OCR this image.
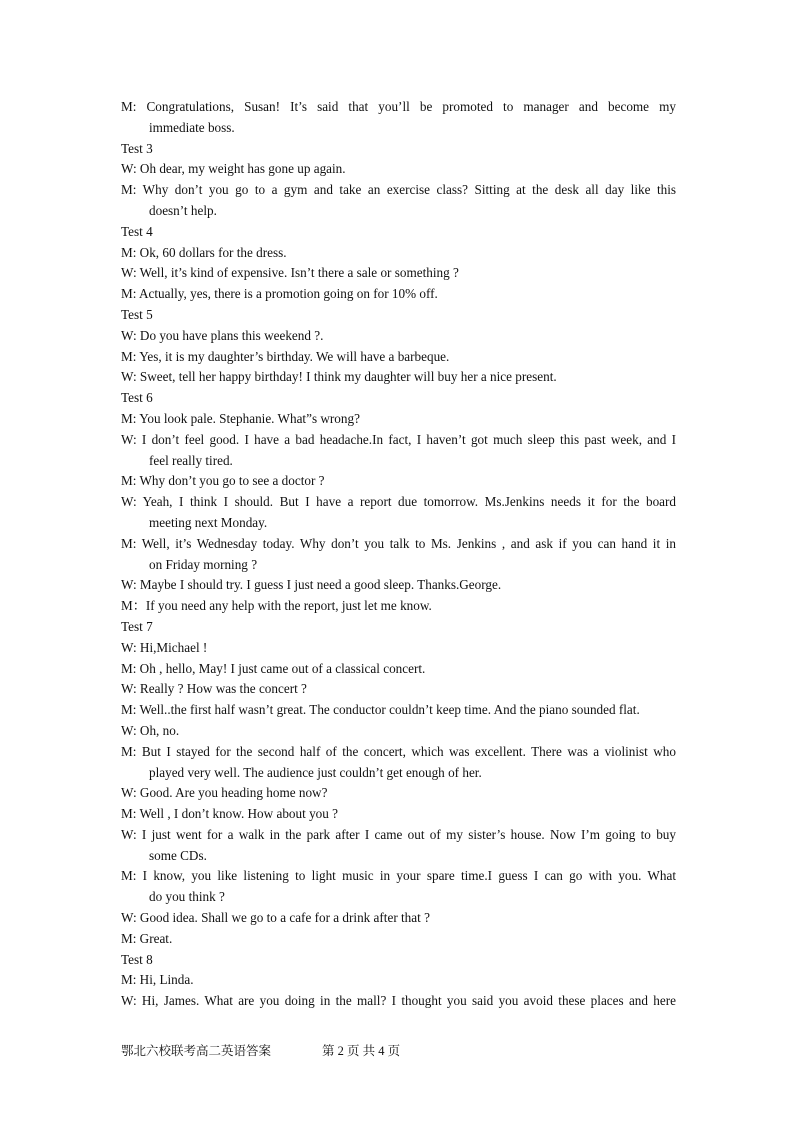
M: Congratulations, Susan! It’s said that you’ll be promoted to manager and become my
immediate boss.
Test 3
W: Oh dear, my weight has gone up again.
M: Why don’t you go to a gym and take an exercise class? Sitting at the desk all day like this
doesn’t help.
Test 4
M: Ok, 60 dollars for the dress.
W: Well, it’s kind of expensive. Isn’t there a sale or something ?
M: Actually, yes, there is a promotion going on for 10% off.
Test 5
W: Do you have plans this weekend ?.
M: Yes, it is my daughter’s birthday. We will have a barbeque.
W: Sweet, tell her happy birthday! I think my daughter will buy her a nice present.
Test 6
M: You look pale. Stephanie. What”s wrong?
W: I don’t feel good. I have a bad headache.In fact, I haven’t got much sleep this past week, and I
feel really tired.
M: Why don’t you go to see a doctor ?
W: Yeah, I think I should. But I have a report due tomorrow. Ms.Jenkins needs it for the board
meeting next Monday.
M: Well, it’s Wednesday today. Why don’t you talk to Ms. Jenkins , and ask if you can hand it in
on Friday morning ?
W: Maybe I should try. I guess I just need a good sleep. Thanks.George.
M：If you need any help with the report, just let me know.
Test 7
W: Hi,Michael !
M: Oh , hello, May! I just came out of a classical concert.
W: Really ? How was the concert ?
M: Well..the first half wasn’t great. The conductor couldn’t keep time. And the piano sounded flat.
W: Oh, no.
M: But I stayed for the second half of the concert, which was excellent. There was a violinist who
played very well. The audience just couldn’t get enough of her.
W: Good. Are you heading home now?
M: Well , I don’t know. How about you ?
W: I just went for a walk in the park after I came out of my sister’s house. Now I’m going to buy
some CDs.
M: I know, you like listening to light music in your spare time.I guess I can go with you. What
do you think ?
W: Good idea. Shall we go to a cafe for a drink after that ?
M: Great.
Test 8
M: Hi, Linda.
W: Hi, James. What are you doing in the mall? I thought you said you avoid these places and here
鄂北六校联考高二英语答案	第 2 页 共 4 页
